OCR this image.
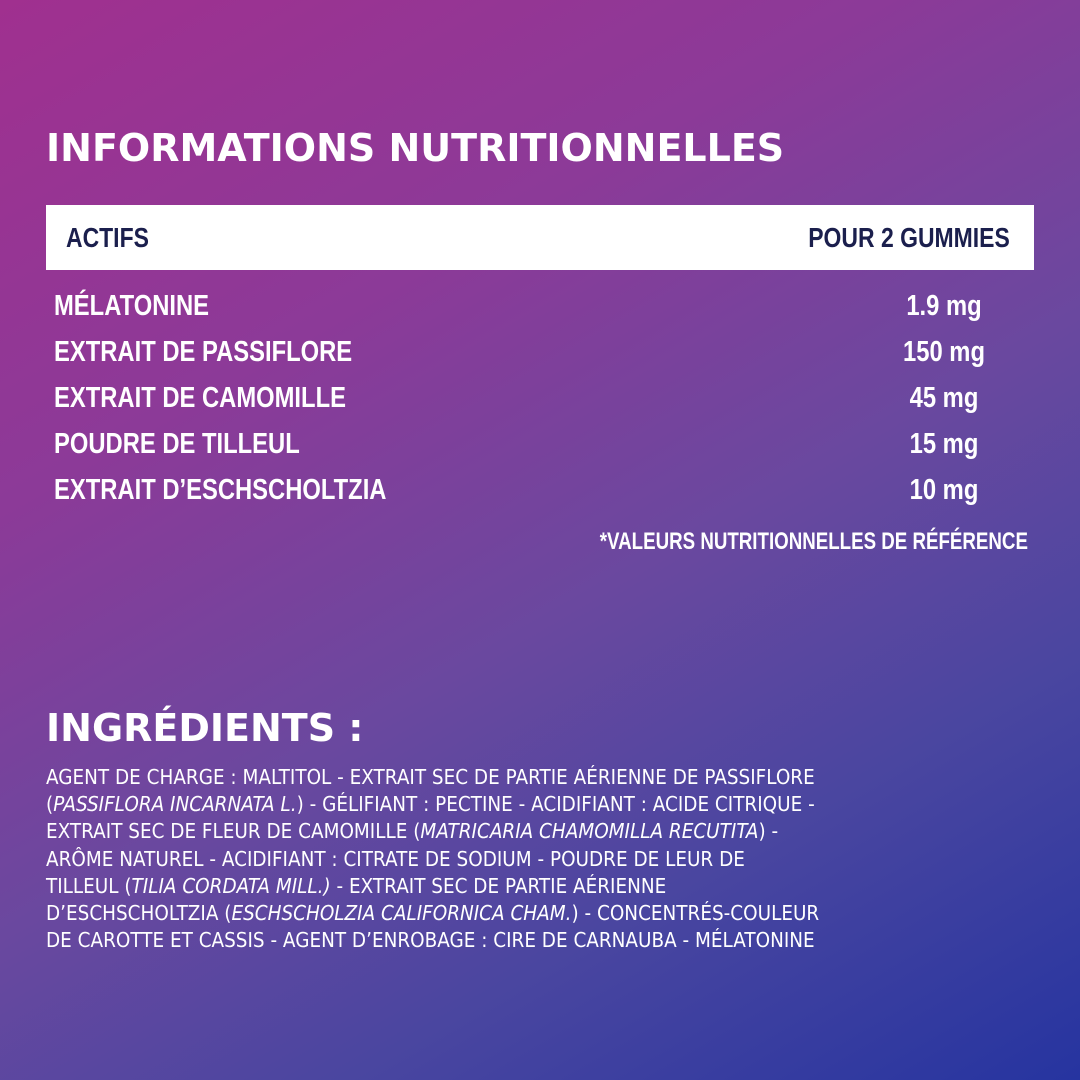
INFORMATIONS NUTRITIONNELLES
ACTIFS	POUR 2 GUMMIES
MÉLATONINE	1.9 mg
EXTRAIT DE PASSIFLORE	150 mg
EXTRAIT DE CAMOMILLE	45 mg
POUDRE DE TILLEUL	15 mg
EXTRAIT D’ESCHSCHOLTZIA	10 mg
*VALEURS NUTRITIONNELLES DE RÉFÉRENCE
INGRÉDIENTS :
AGENT DE CHARGE : MALTITOL - EXTRAIT SEC DE PARTIE AÉRIENNE DE PASSIFLORE
(PASSIFLORA INCARNATA L.) - GÉLIFIANT : PECTINE - ACIDIFIANT : ACIDE CITRIQUE -
EXTRAIT SEC DE FLEUR DE CAMOMILLE (MATRICARIA CHAMOMILLA RECUTITA) -
ARÔME NATUREL - ACIDIFIANT : CITRATE DE SODIUM - POUDRE DE LEUR DE
TILLEUL (TILIA CORDATA MILL.) - EXTRAIT SEC DE PARTIE AÉRIENNE
D’ESCHSCHOLTZIA (ESCHSCHOLZIA CALIFORNICA CHAM.) - CONCENTRÉS-COULEUR
DE CAROTTE ET CASSIS - AGENT D’ENROBAGE : CIRE DE CARNAUBA - MÉLATONINE
